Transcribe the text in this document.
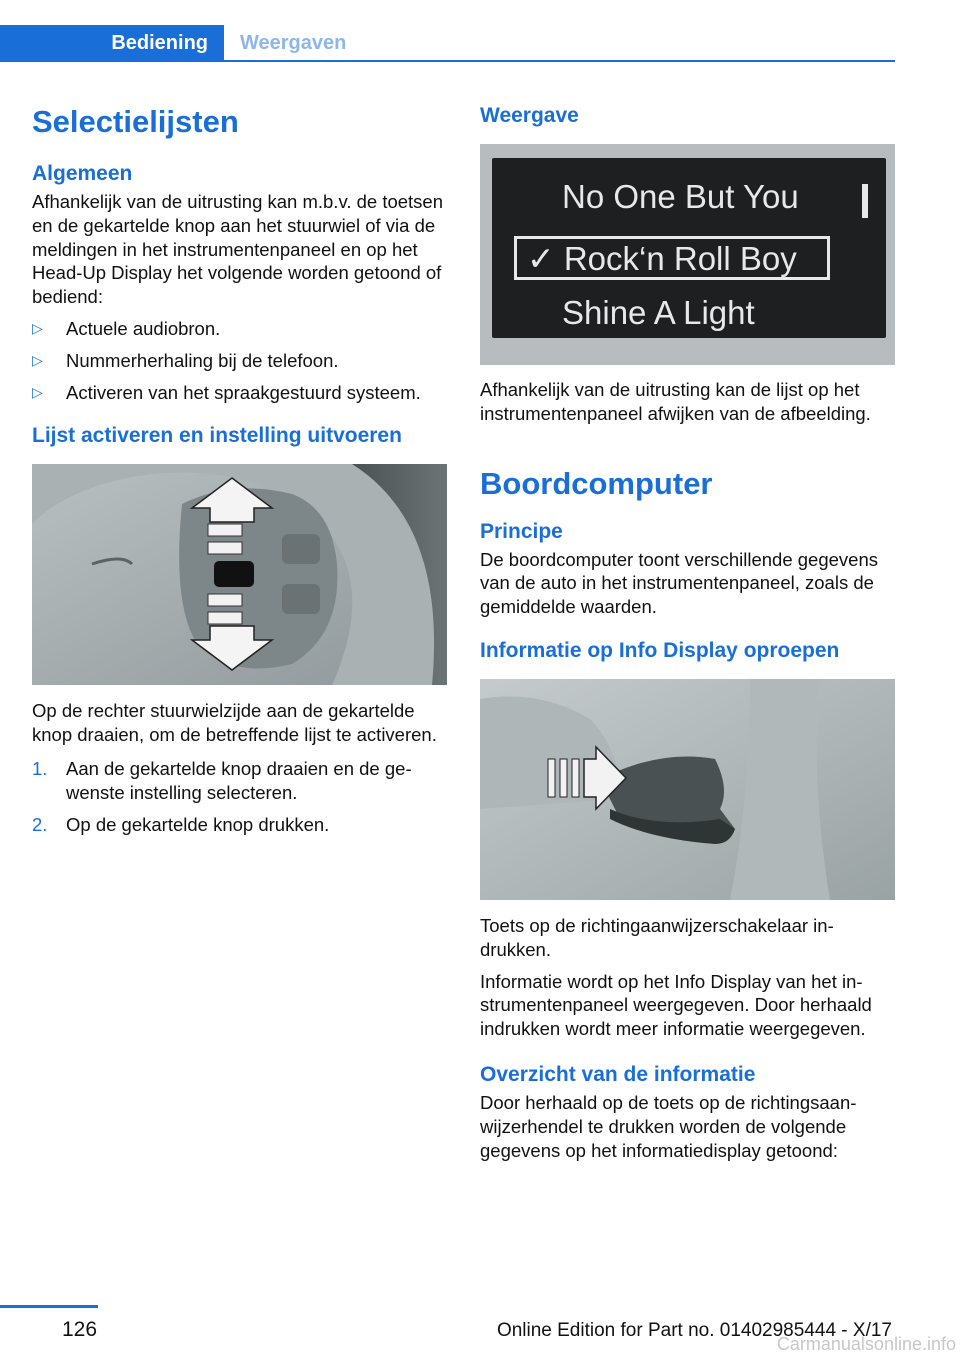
Bediening	Weergaven
Selectielijsten
Algemeen

Afhankelijk van de uitrusting kan m.b.v. de toetsen en de gekartelde knop aan het stuurwiel of via de meldingen in het instrumentenpaneel en op het Head-Up Display het volgende worden getoond of bediend:

▷ Actuele audiobron.
▷ Nummerherhaling bij de telefoon.
▷ Activeren van het spraakgestuurd systeem.
Lijst activeren en instelling uitvoeren

Op de rechter stuurwielzijde aan de gekartelde knop draaien, om de betreffende lijst te activeren.

1. Aan de gekartelde knop draaien en de gewenste instelling selecteren.
2. Op de gekartelde knop drukken.
Weergave
No One But You
✓ Rock‘n Roll Boy
Shine A Light

Afhankelijk van de uitrusting kan de lijst op het instrumentenpaneel afwijken van de afbeelding.

Boordcomputer
Principe

De boordcomputer toont verschillende gegevens van de auto in het instrumentenpaneel, zoals de gemiddelde waarden.

Informatie op Info Display oproepen

Toets op de richtingaanwijzerschakelaar indrukken.

Informatie wordt op het Info Display van het instrumentenpaneel weergegeven. Door herhaald indrukken wordt meer informatie weergegeven.

Overzicht van de informatie

Door herhaald op de toets op de richtingsaanwijzerhendel te drukken worden de volgende gegevens op het informatiedisplay getoond:

126	Online Edition for Part no. 01402985444 - X/17
Carmanualsonline.info
